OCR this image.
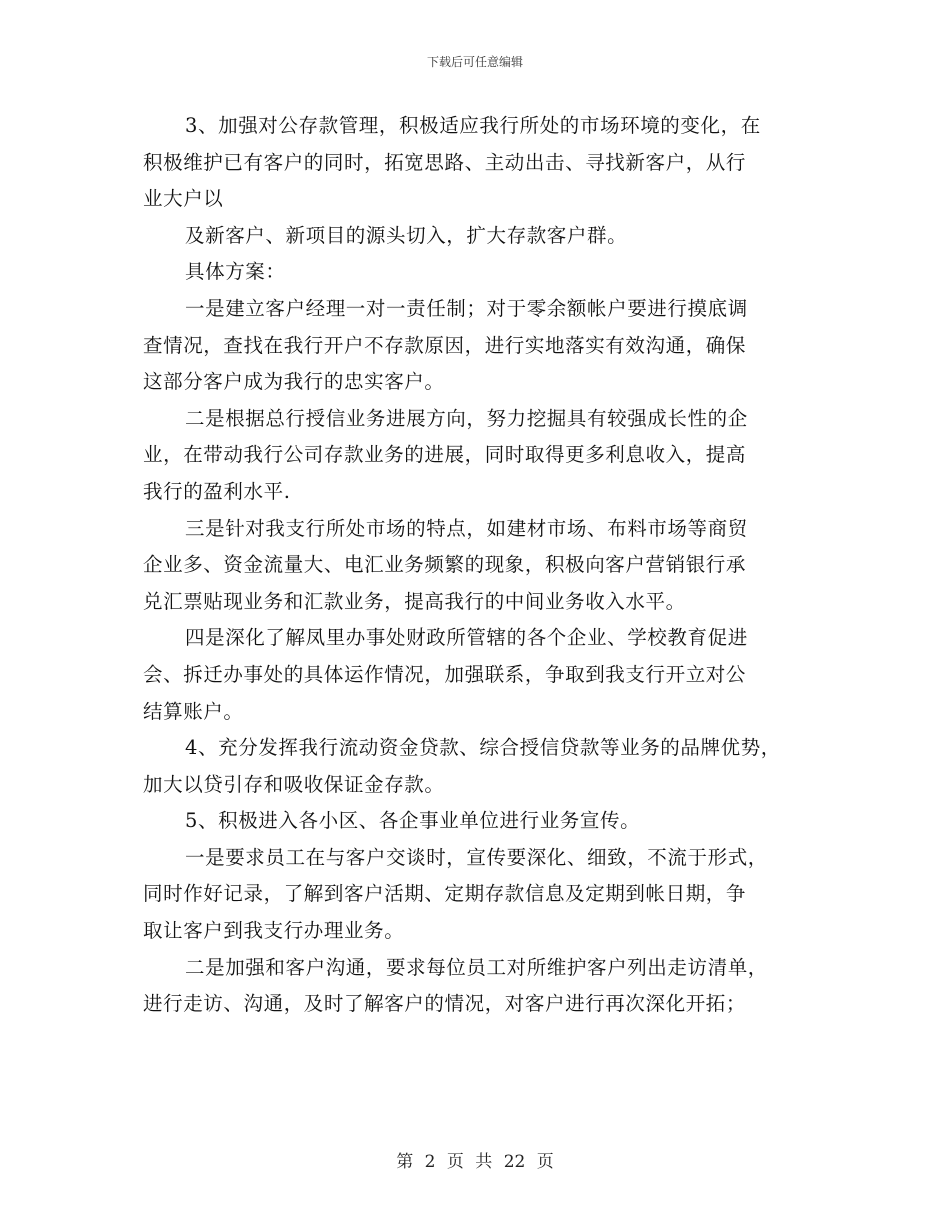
下载后可任意编辑
3、加强对公存款管理，积极适应我行所处的市场环境的变化，在
积极维护已有客户的同时，拓宽思路、主动出击、寻找新客户，从行
业大户以
及新客户、新项目的源头切入，扩大存款客户群。
具体方案：
一是建立客户经理一对一责任制；对于零余额帐户要进行摸底调
查情况，查找在我行开户不存款原因，进行实地落实有效沟通，确保
这部分客户成为我行的忠实客户。
二是根据总行授信业务进展方向，努力挖掘具有较强成长性的企
业，在带动我行公司存款业务的进展，同时取得更多利息收入，提高
我行的盈利水平.
三是针对我支行所处市场的特点，如建材市场、布料市场等商贸
企业多、资金流量大、电汇业务频繁的现象，积极向客户营销银行承
兑汇票贴现业务和汇款业务，提高我行的中间业务收入水平。
四是深化了解凤里办事处财政所管辖的各个企业、学校教育促进
会、拆迁办事处的具体运作情况，加强联系，争取到我支行开立对公
结算账户。
4、充分发挥我行流动资金贷款、综合授信贷款等业务的品牌优势，
加大以贷引存和吸收保证金存款。
5、积极进入各小区、各企事业单位进行业务宣传。
一是要求员工在与客户交谈时，宣传要深化、细致，不流于形式，
同时作好记录，了解到客户活期、定期存款信息及定期到帐日期，争
取让客户到我支行办理业务。
二是加强和客户沟通，要求每位员工对所维护客户列出走访清单，
进行走访、沟通，及时了解客户的情况，对客户进行再次深化开拓；
第 2 页 共 22 页
